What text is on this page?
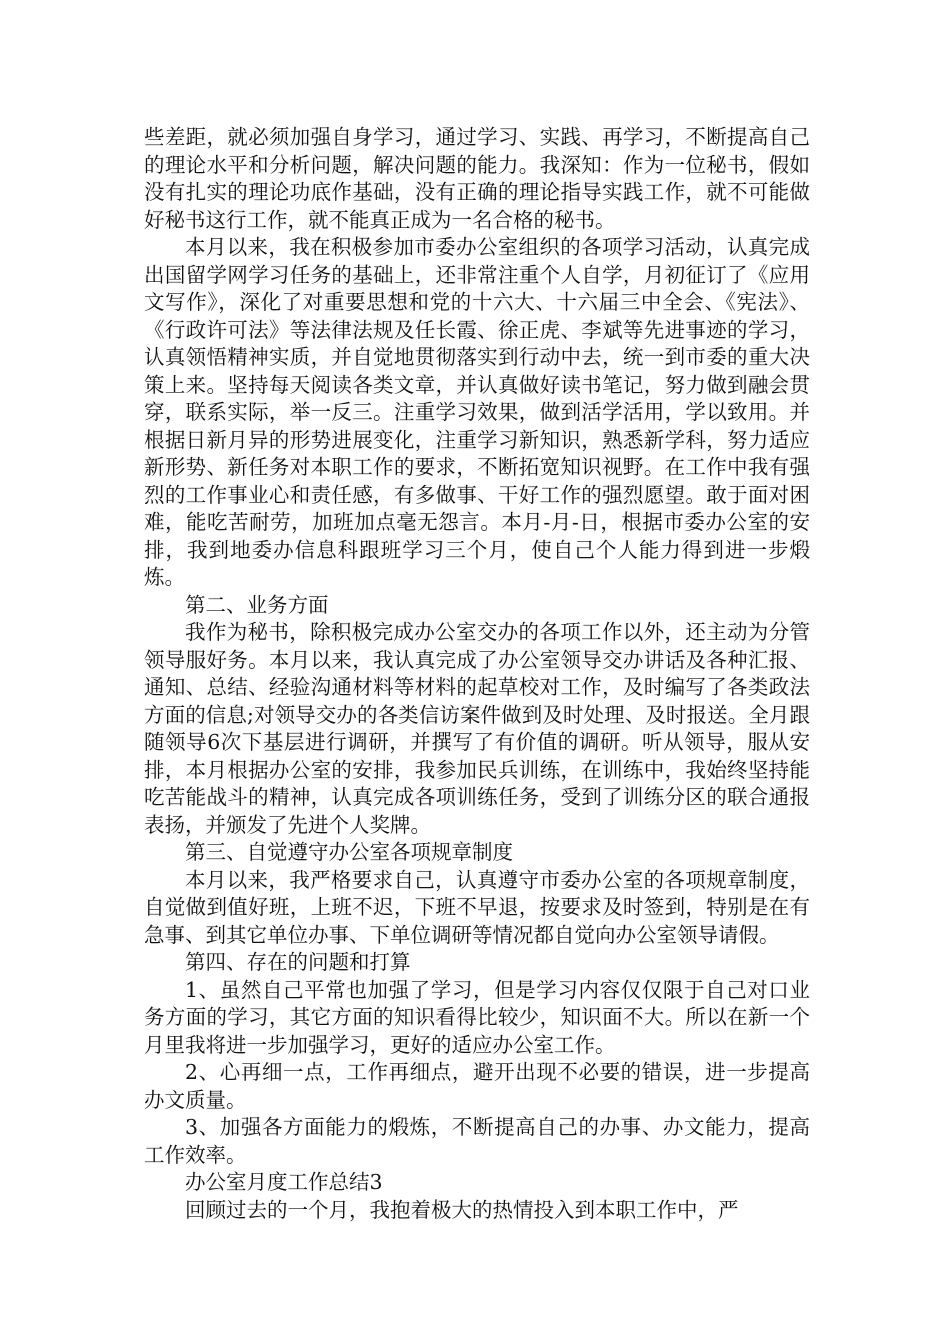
些差距，就必须加强自身学习，通过学习、实践、再学习，不断提高自己的理论水平和分析问题，解决问题的能力。我深知：作为一位秘书，假如没有扎实的理论功底作基础，没有正确的理论指导实践工作，就不可能做好秘书这行工作，就不能真正成为一名合格的秘书。

本月以来，我在积极参加市委办公室组织的各项学习活动，认真完成出国留学网学习任务的基础上，还非常注重个人自学，月初征订了《应用文写作》，深化了对重要思想和党的十六大、十六届三中全会、《宪法》、《行政许可法》等法律法规及任长霞、徐正虎、李斌等先进事迹的学习，认真领悟精神实质，并自觉地贯彻落实到行动中去，统一到市委的重大决策上来。坚持每天阅读各类文章，并认真做好读书笔记，努力做到融会贯穿，联系实际，举一反三。注重学习效果，做到活学活用，学以致用。并根据日新月异的形势进展变化，注重学习新知识，熟悉新学科，努力适应新形势、新任务对本职工作的要求，不断拓宽知识视野。在工作中我有强烈的工作事业心和责任感，有多做事、干好工作的强烈愿望。敢于面对困难，能吃苦耐劳，加班加点毫无怨言。本月-月-日，根据市委办公室的安排，我到地委办信息科跟班学习三个月，使自己个人能力得到进一步煅炼。

第二、业务方面

我作为秘书，除积极完成办公室交办的各项工作以外，还主动为分管领导服好务。本月以来，我认真完成了办公室领导交办讲话及各种汇报、通知、总结、经验沟通材料等材料的起草校对工作，及时编写了各类政法方面的信息;对领导交办的各类信访案件做到及时处理、及时报送。全月跟随领导6次下基层进行调研，并撰写了有价值的调研。听从领导，服从安排，本月根据办公室的安排，我参加民兵训练，在训练中，我始终坚持能吃苦能战斗的精神，认真完成各项训练任务，受到了训练分区的联合通报表扬，并颁发了先进个人奖牌。

第三、自觉遵守办公室各项规章制度

本月以来，我严格要求自己，认真遵守市委办公室的各项规章制度，自觉做到值好班，上班不迟，下班不早退，按要求及时签到，特别是在有急事、到其它单位办事、下单位调研等情况都自觉向办公室领导请假。

第四、存在的问题和打算

1、虽然自己平常也加强了学习，但是学习内容仅仅限于自己对口业务方面的学习，其它方面的知识看得比较少，知识面不大。所以在新一个月里我将进一步加强学习，更好的适应办公室工作。

2、心再细一点，工作再细点，避开出现不必要的错误，进一步提高办文质量。

3、加强各方面能力的煅炼，不断提高自己的办事、办文能力，提高工作效率。

办公室月度工作总结3

回顾过去的一个月，我抱着极大的热情投入到本职工作中，严
